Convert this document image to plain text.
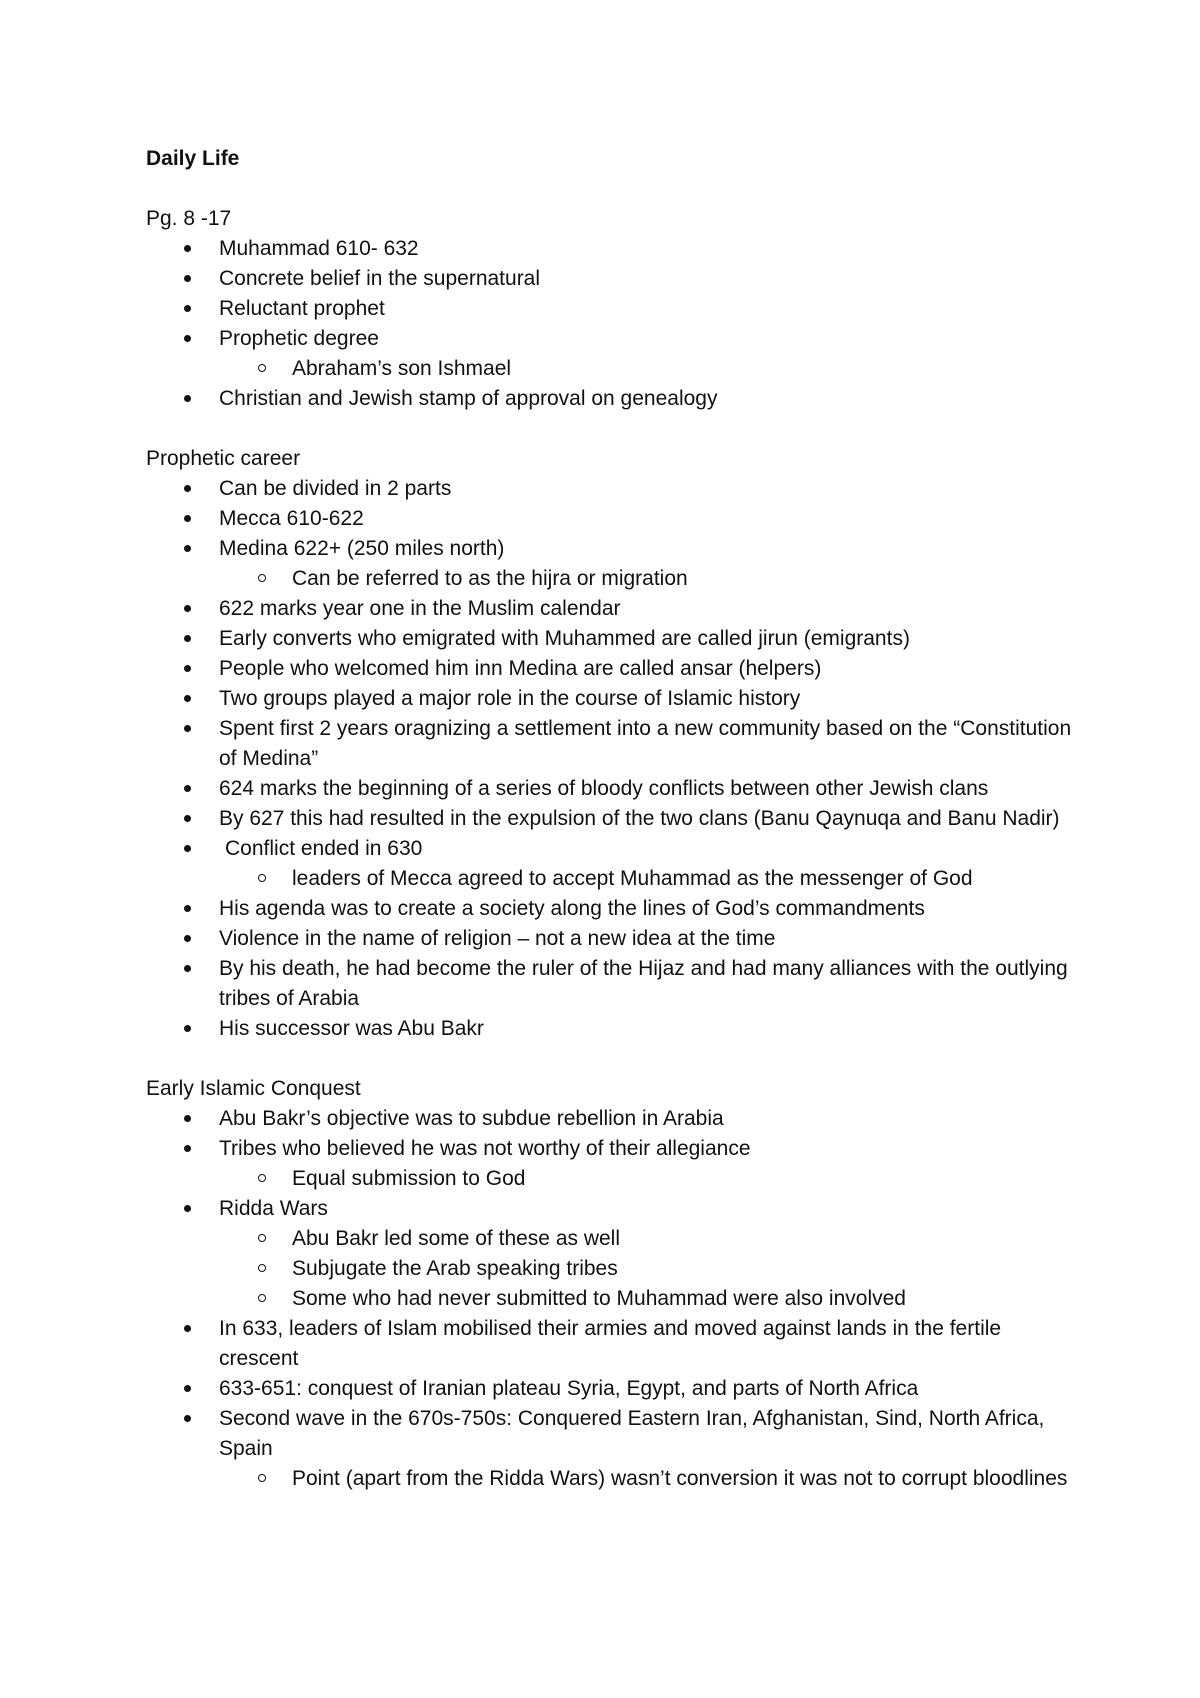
Daily Life
Pg. 8 -17
Muhammad 610- 632
Concrete belief in the supernatural
Reluctant prophet
Prophetic degree
Abraham’s son Ishmael
Christian and Jewish stamp of approval on genealogy
Prophetic career
Can be divided in 2 parts
Mecca 610-622
Medina 622+ (250 miles north)
Can be referred to as the hijra or migration
622 marks year one in the Muslim calendar
Early converts who emigrated with Muhammed are called jirun (emigrants)
People who welcomed him inn Medina are called ansar (helpers)
Two groups played a major role in the course of Islamic history
Spent first 2 years oragnizing a settlement into a new community based on the “Constitution of Medina”
624 marks the beginning of a series of bloody conflicts between other Jewish clans
By 627 this had resulted in the expulsion of the two clans (Banu Qaynuqa and Banu Nadir)
Conflict ended in 630
leaders of Mecca agreed to accept Muhammad as the messenger of God
His agenda was to create a society along the lines of God’s commandments
Violence in the name of religion – not a new idea at the time
By his death, he had become the ruler of the Hijaz and had many alliances with the outlying tribes of Arabia
His successor was Abu Bakr
Early Islamic Conquest
Abu Bakr’s objective was to subdue rebellion in Arabia
Tribes who believed he was not worthy of their allegiance
Equal submission to God
Ridda Wars
Abu Bakr led some of these as well
Subjugate the Arab speaking tribes
Some who had never submitted to Muhammad were also involved
In 633, leaders of Islam mobilised their armies and moved against lands in the fertile crescent
633-651: conquest of Iranian plateau Syria, Egypt, and parts of North Africa
Second wave in the 670s-750s: Conquered Eastern Iran, Afghanistan, Sind, North Africa, Spain
Point (apart from the Ridda Wars) wasn’t conversion it was not to corrupt bloodlines
